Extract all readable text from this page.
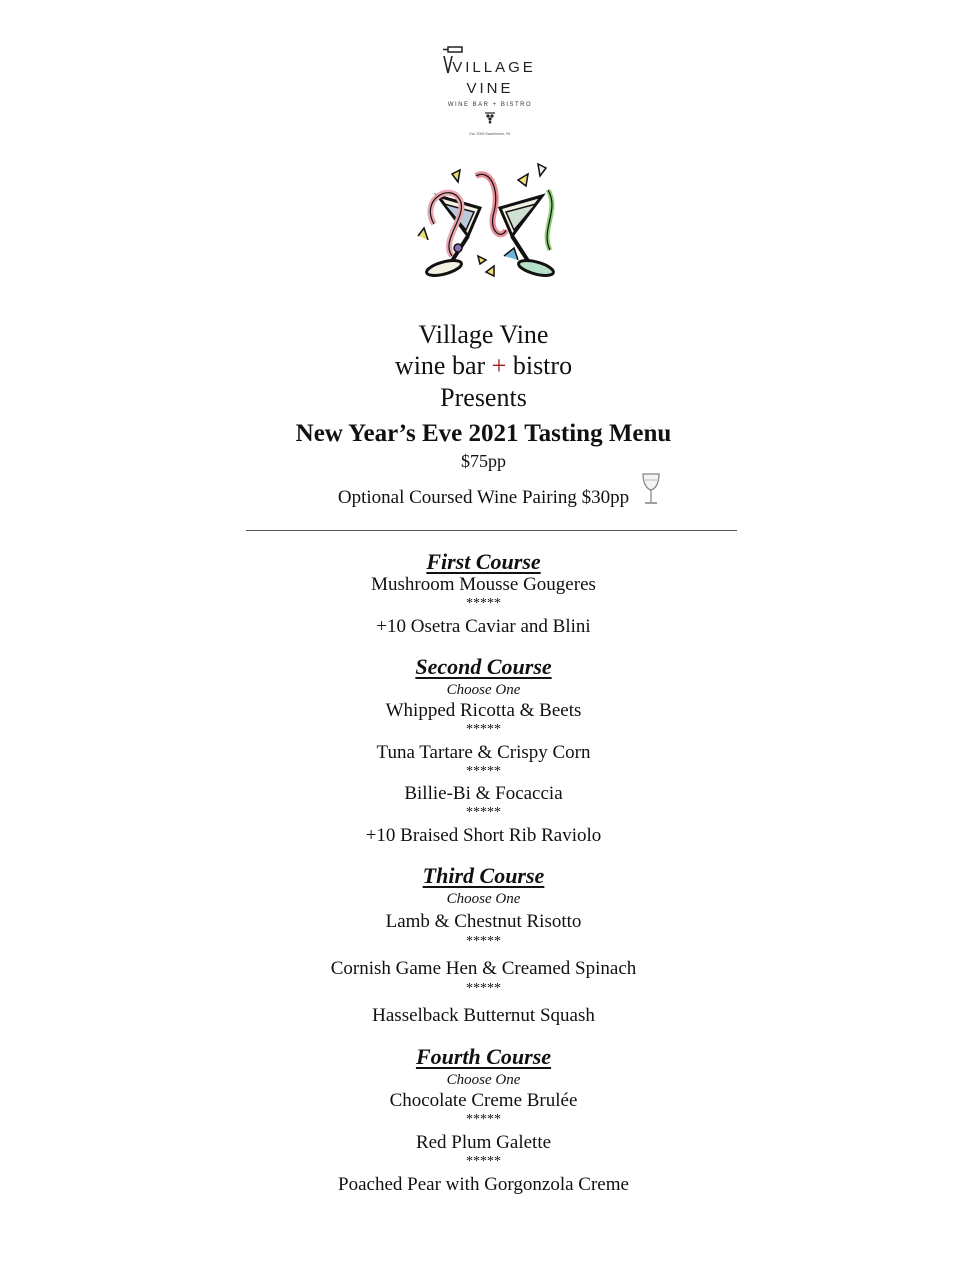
VILLAGE
VINE
WINE BAR + BISTRO
Est. 2009 Swarthmore, PA
Village Vine
wine bar + bistro
Presents
New Year’s Eve 2021 Tasting Menu
$75pp
Optional Coursed Wine Pairing $30pp
First Course
Mushroom Mousse Gougeres
*****
+10 Osetra Caviar and Blini
Second Course
Choose One
Whipped Ricotta & Beets
*****
Tuna Tartare & Crispy Corn
*****
Billie-Bi & Focaccia
*****
+10 Braised Short Rib Raviolo
Third Course
Choose One
Lamb & Chestnut Risotto
*****
Cornish Game Hen & Creamed Spinach
*****
Hasselback Butternut Squash
Fourth Course
Choose One
Chocolate Creme Brulée
*****
Red Plum Galette
*****
Poached Pear with Gorgonzola Creme
